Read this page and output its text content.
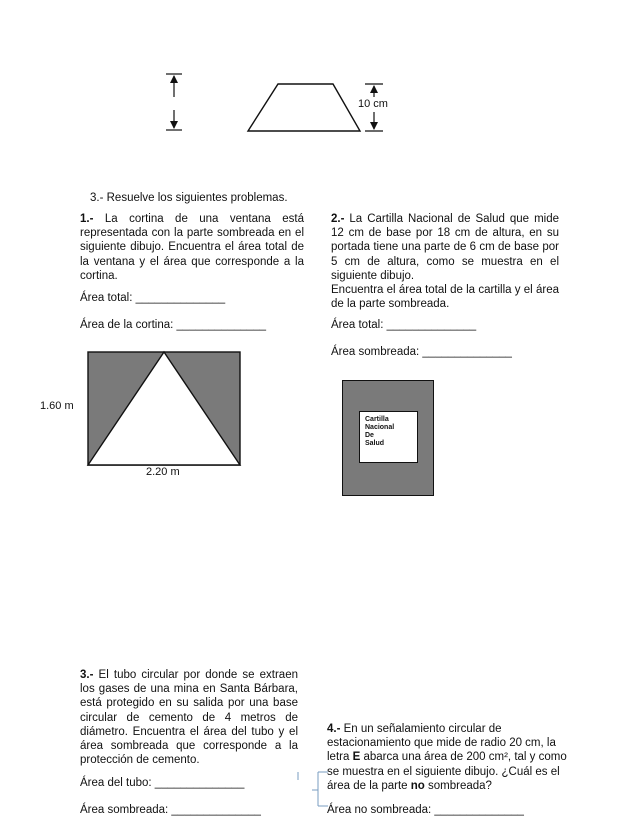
10 cm
3.- Resuelve los siguientes problemas.
1.- La cortina de una ventana está representada con la parte sombreada en el siguiente dibujo. Encuentra el área total de la ventana y el área que corresponde a la cortina.
Área total: ______________
Área de la cortina: ______________
1.60 m
2.20 m
2.- La Cartilla Nacional de Salud que mide 12 cm de base por 18 cm de altura, en su portada tiene una parte de 6 cm de base por 5 cm de altura, como se muestra en el siguiente dibujo.
Encuentra el área total de la cartilla y el área de la parte sombreada.
Área total: ______________
Área sombreada: ______________
Cartilla
Nacional
De
Salud
3.- El tubo circular por donde se extraen los gases de una mina en Santa Bárbara, está protegido en su salida por una base circular de cemento de 4 metros de diámetro. Encuentra el área del tubo y el área sombreada que corresponde a la protección de cemento.
Área del tubo: ______________
Área sombreada: ______________
4.- En un señalamiento circular de estacionamiento que mide de radio 20 cm, la letra E abarca una área de 200 cm², tal y como se muestra en el siguiente dibujo. ¿Cuál es el área de la parte no sombreada?
Área no sombreada: ______________
